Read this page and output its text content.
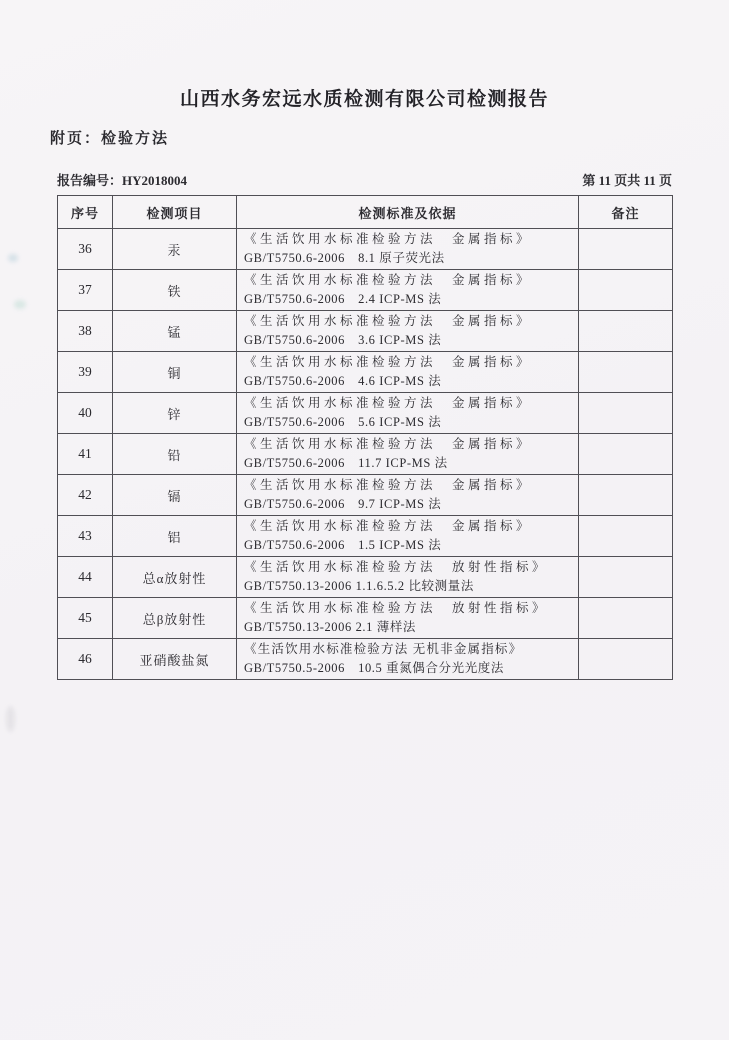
山西水务宏远水质检测有限公司检测报告
附页：检验方法
报告编号：HY2018004	第 11 页共 11 页
序号	检测项目	检测标准及依据	备注
36	汞	《生活饮用水标准检验方法　金属指标》
GB/T5750.6-2006　8.1 原子荧光法	

37	铁	《生活饮用水标准检验方法　金属指标》
GB/T5750.6-2006　2.4 ICP-MS 法	

38	锰	《生活饮用水标准检验方法　金属指标》
GB/T5750.6-2006　3.6 ICP-MS 法	

39	铜	《生活饮用水标准检验方法　金属指标》
GB/T5750.6-2006　4.6 ICP-MS 法	

40	锌	《生活饮用水标准检验方法　金属指标》
GB/T5750.6-2006　5.6 ICP-MS 法	

41	铅	《生活饮用水标准检验方法　金属指标》
GB/T5750.6-2006　11.7 ICP-MS 法	

42	镉	《生活饮用水标准检验方法　金属指标》
GB/T5750.6-2006　9.7 ICP-MS 法	

43	铝	《生活饮用水标准检验方法　金属指标》
GB/T5750.6-2006　1.5 ICP-MS 法	

44	总α放射性	《生活饮用水标准检验方法　放射性指标》
GB/T5750.13-2006 1.1.6.5.2 比较测量法	

45	总β放射性	《生活饮用水标准检验方法　放射性指标》
GB/T5750.13-2006 2.1 薄样法	

46	亚硝酸盐氮	《生活饮用水标准检验方法 无机非金属指标》
GB/T5750.5-2006　10.5 重氮偶合分光光度法	
